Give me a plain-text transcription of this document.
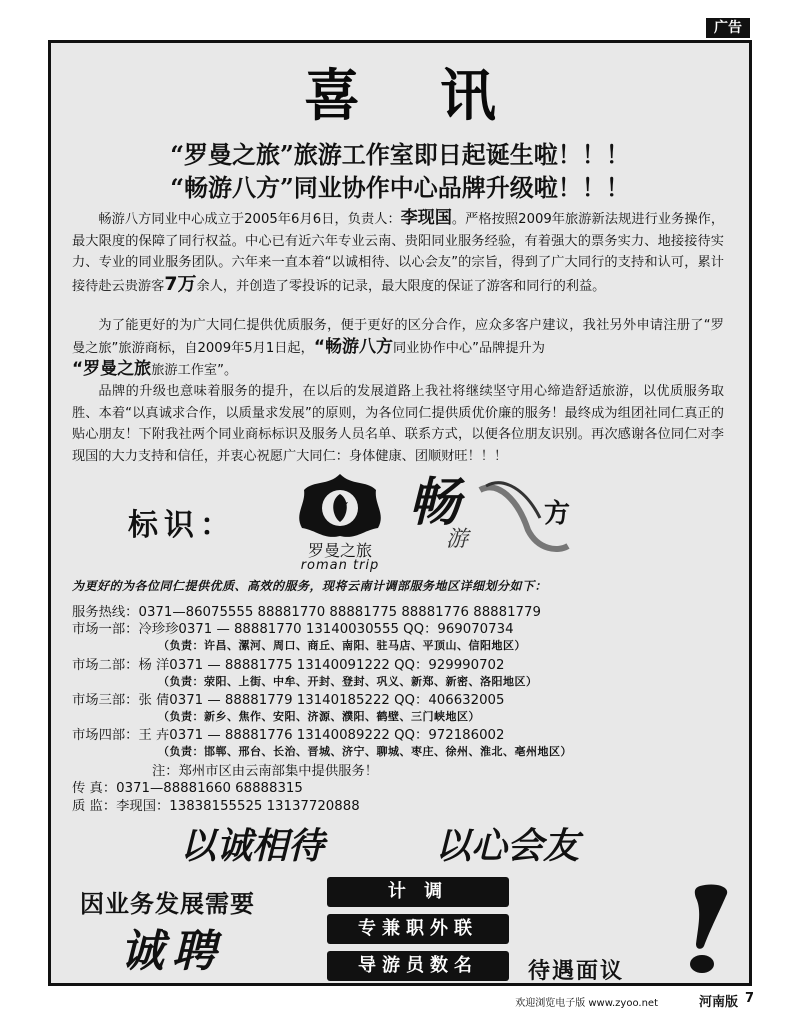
广告
喜讯
“罗曼之旅”旅游工作室即日起诞生啦！！！
“畅游八方”同业协作中心品牌升级啦！！！
畅游八方同业中心成立于2005年6月6日，负责人：李现国。严格按照2009年旅游新法规进行业务操作，最大限度的保障了同行权益。中心已有近六年专业云南、贵阳同业服务经验，有着强大的票务实力、地接接待实力、专业的同业服务团队。六年来一直本着“以诚相待、以心会友”的宗旨，得到了广大同行的支持和认可，累计接待赴云贵游客7万余人，并创造了零投诉的记录，最大限度的保证了游客和同行的利益。
为了能更好的为广大同仁提供优质服务，便于更好的区分合作，应众多客户建议，我社另外申请注册了“罗曼之旅”旅游商标，自2009年5月1日起，“畅游八方同业协作中心”品牌提升为
“罗曼之旅旅游工作室”。
品牌的升级也意味着服务的提升，在以后的发展道路上我社将继续坚守用心缔造舒适旅游，以优质服务取胜、本着“以真诚求合作，以质量求发展”的原则，为各位同仁提供质优价廉的服务！最终成为组团社同仁真正的贴心朋友！下附我社两个同业商标标识及服务人员名单、联系方式，以便各位朋友识别。再次感谢各位同仁对李现国的大力支持和信任，并衷心祝愿广大同仁：身体健康、团顺财旺！！！
标识：
罗曼之旅
roman trip
畅
游
方
为更好的为各位同仁提供优质、高效的服务，现将云南计调部服务地区详细划分如下：
服务热线：0371—86075555 88881770 88881775 88881776 88881779
市场一部：冷珍珍0371 — 88881770 13140030555 QQ：969070734
（负责：许昌、漯河、周口、商丘、南阳、驻马店、平顶山、信阳地区）
市场二部：杨 洋0371 — 88881775 13140091222 QQ：929990702
（负责：荥阳、上街、中牟、开封、登封、巩义、新郑、新密、洛阳地区）
市场三部：张 倩0371 — 88881779 13140185222 QQ：406632005
（负责：新乡、焦作、安阳、济源、濮阳、鹤壁、三门峡地区）
市场四部：王 卉0371 — 88881776 13140089222 QQ：972186002
（负责：邯郸、邢台、长治、晋城、济宁、聊城、枣庄、徐州、淮北、亳州地区）
注：郑州市区由云南部集中提供服务！
传 真：0371—88881660 68888315
质 监：李现国：13838155525 13137720888
以诚相待	以心会友
因业务发展需要
诚聘
计 调
专兼职外联
导游员数名	待遇面议
欢迎浏览电子版 www.zyoo.net	河南版 7
